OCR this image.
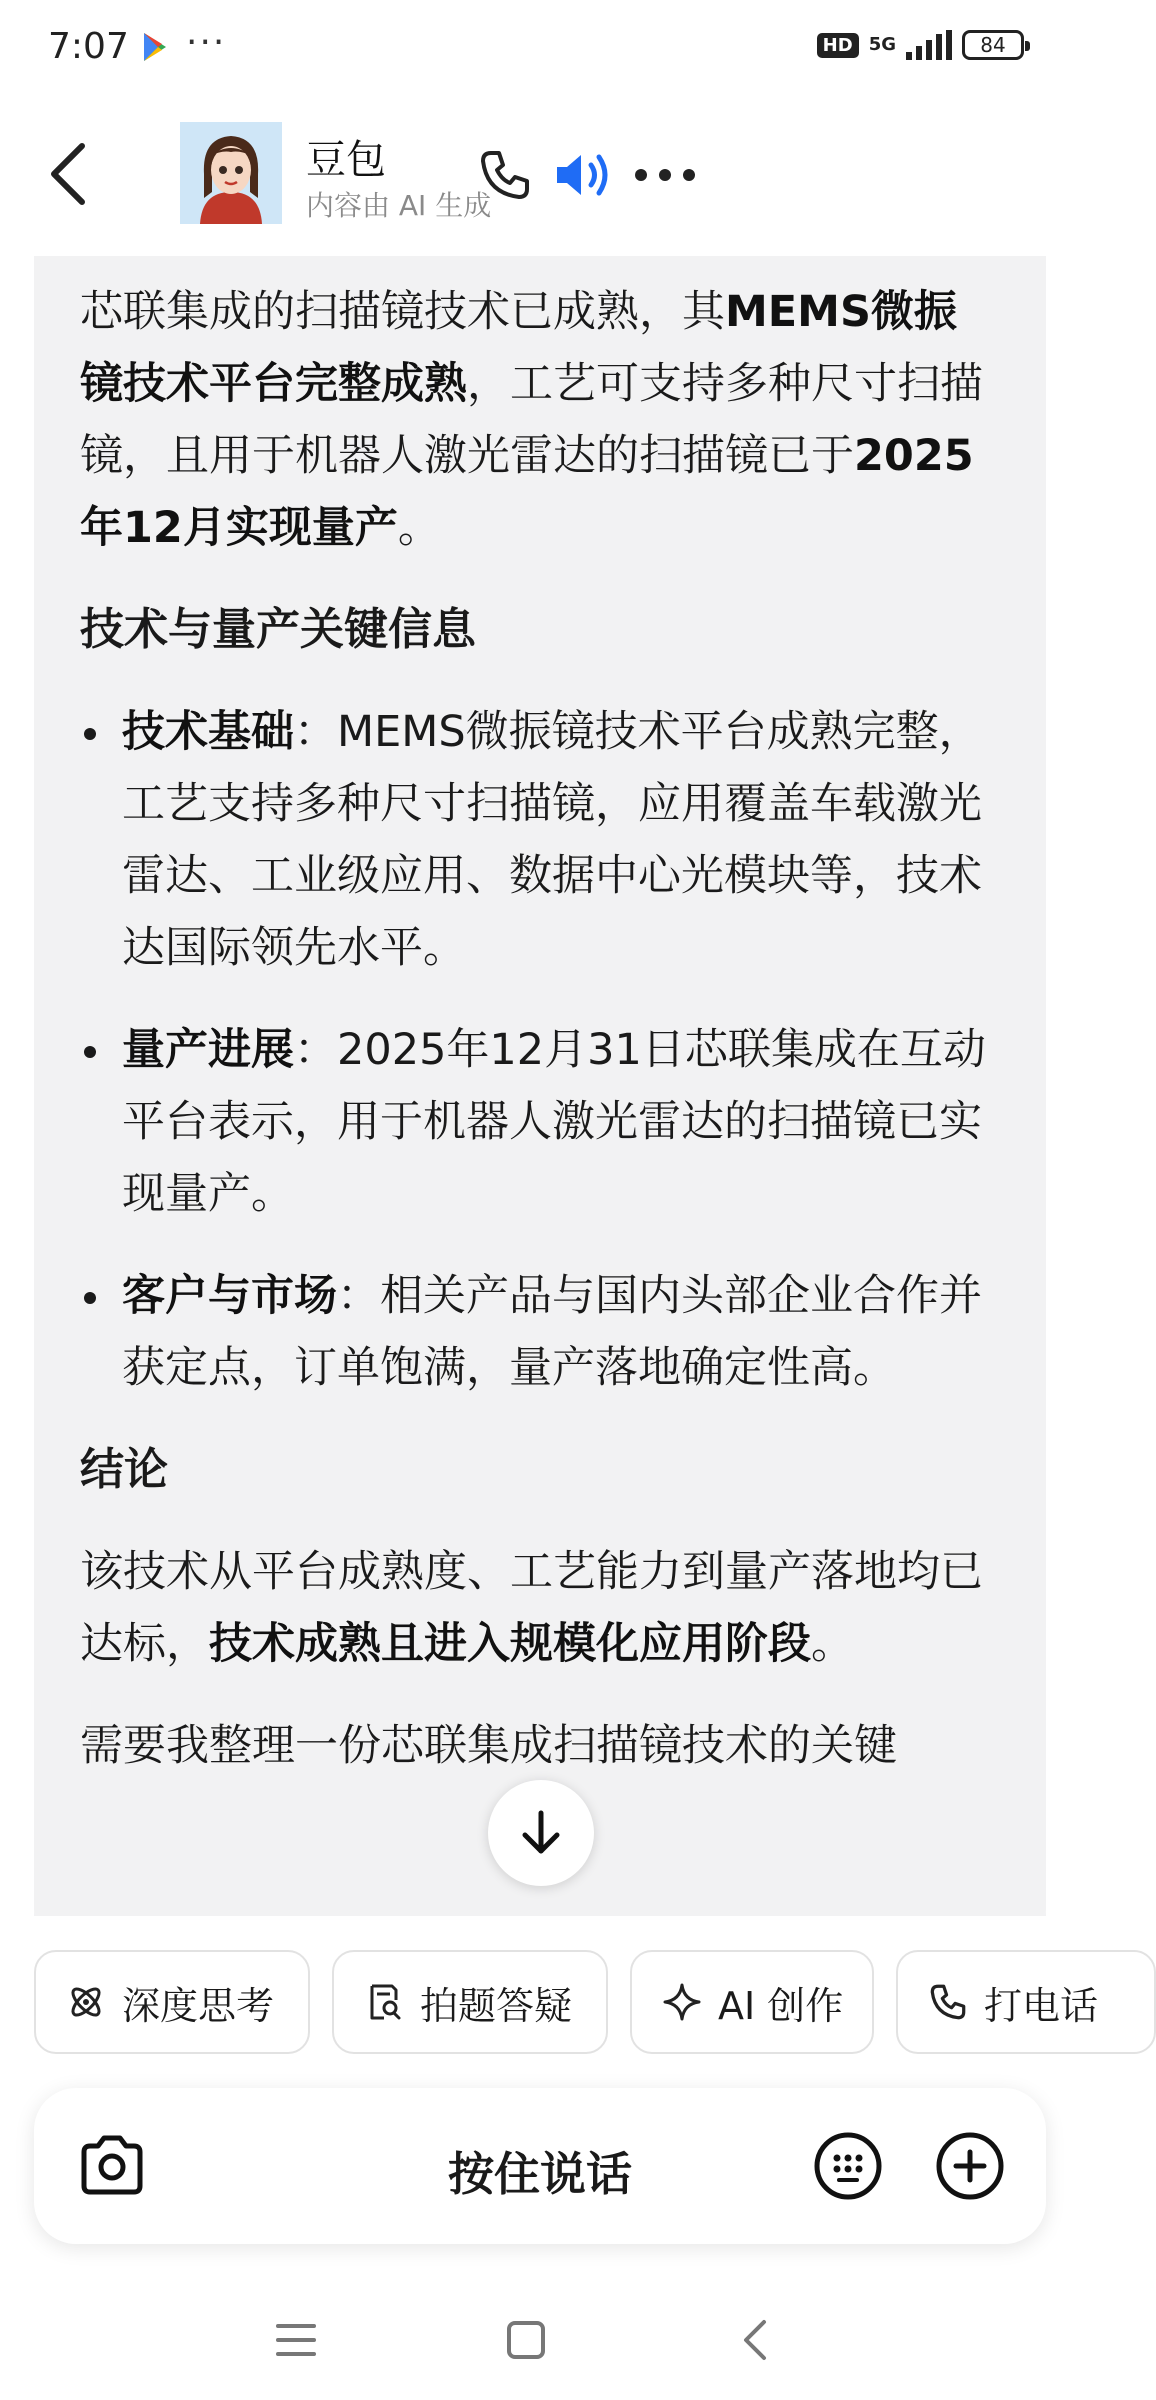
7:07 ···	HD 5G	84
豆包
内容由 AI 生成

芯联集成的扫描镜技术已成熟，其MEMS微振镜技术平台完整成熟，工艺可支持多种尺寸扫描镜，且用于机器人激光雷达的扫描镜已于2025年12月实现量产。

技术与量产关键信息
技术基础：MEMS微振镜技术平台成熟完整，工艺支持多种尺寸扫描镜，应用覆盖车载激光雷达、工业级应用、数据中心光模块等，技术达国际领先水平。
量产进展：2025年12月31日芯联集成在互动平台表示，用于机器人激光雷达的扫描镜已实现量产。
客户与市场：相关产品与国内头部企业合作并获定点，订单饱满，量产落地确定性高。
结论

该技术从平台成熟度、工艺能力到量产落地均已达标，技术成熟且进入规模化应用阶段。

需要我整理一份芯联集成扫描镜技术的关键

深度思考	拍题答疑	AI 创作	打电话
按住说话
